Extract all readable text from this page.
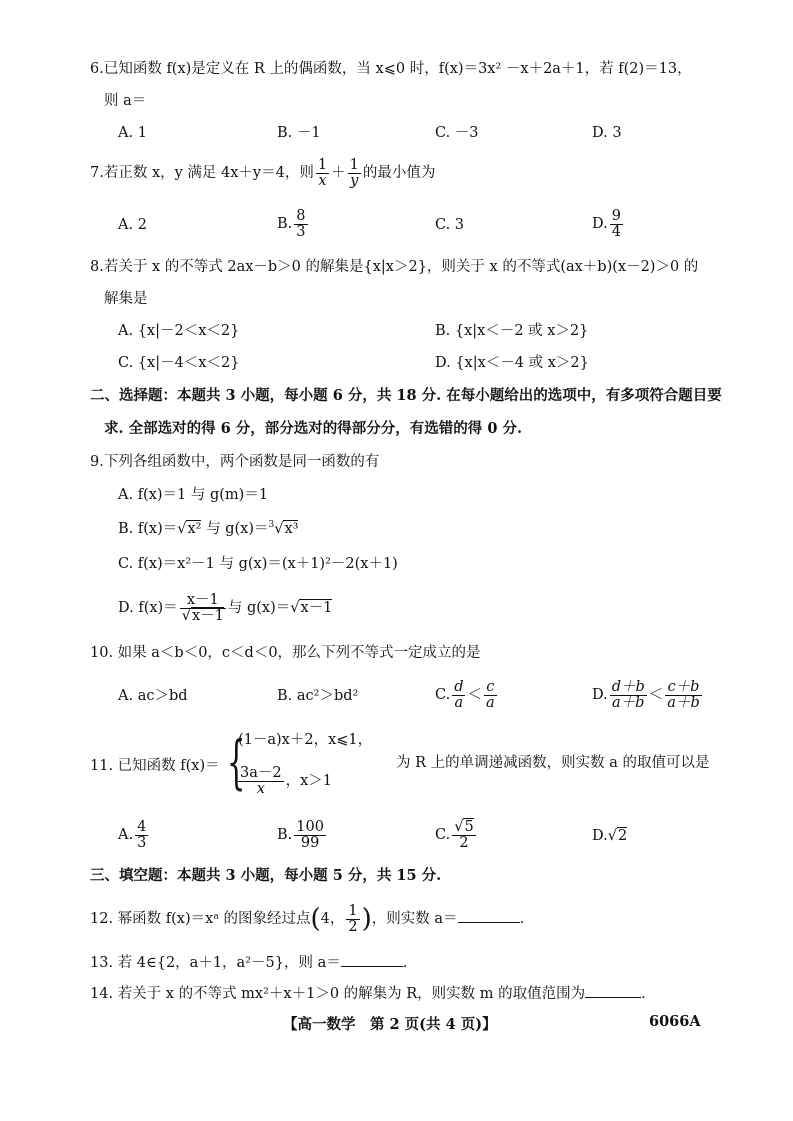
6.已知函数 f(x)是定义在 R 上的偶函数，当 x⩽0 时，f(x)＝3x² －x＋2a＋1，若 f(2)＝13，
则 a＝
A. 1	B. －1	C. －3	D. 3
7.若正数 x，y 满足 4x＋y＝4，则 $\frac{1}{x} + \frac{1}{y}$ 的最小值为
A. 2	B. $\frac{8}{3}$	C. 3	D. $\frac{9}{4}$
8.若关于 x 的不等式 2ax－b＞0 的解集是{x|x＞2}，则关于 x 的不等式(ax＋b)(x－2)＞0 的
解集是
A. {x|－2＜x＜2}	B. {x|x＜－2 或 x＞2}
C. {x|－4＜x＜2}	D. {x|x＜－4 或 x＞2}
二、选择题：本题共 3 小题，每小题 6 分，共 18 分. 在每小题给出的选项中，有多项符合题目要
求. 全部选对的得 6 分，部分选对的得部分分，有选错的得 0 分.
9.下列各组函数中，两个函数是同一函数的有
A. f(x)＝1 与 g(m)＝1
B. f(x)＝√x² 与 g(x)＝$^3$√x³
C. f(x)＝x²－1 与 g(x)＝(x＋1)²－2(x＋1)
D. $f(x)= \frac{x-1}{√x-1}$ 与 g(x)＝√x－1
10. 如果 a＜b＜0，c＜d＜0，那么下列不等式一定成立的是
A. ac＞bd	B. ac²＞bd²	C. $\frac{d}{a} < \frac{c}{a}$	D. $\frac{d+b}{a+b} < \frac{c+b}{a+b}$
11. 已知函数 f(x)＝ {
(1－a)x＋2，x⩽1，
$\frac{3a-2}{x}$ ，x＞1
为 R 上的单调递减函数，则实数 a 的取值可以是
A. $\frac{4}{3}$	B. $\frac{100}{99}$	C. $\frac{√5}{2}$	D.√2
三、填空题：本题共 3 小题，每小题 5 分，共 15 分.
12. 幂函数 f(x)＝xᵃ 的图象经过点(4， $\frac{1}{2}$ )，则实数 a＝	.
13. 若 4∈{2，a＋1，a²－5}，则 a＝	.
14. 若关于 x 的不等式 mx²＋x＋1＞0 的解集为 R，则实数 m 的取值范围为	.
【高一数学　第 2 页(共 4 页)】	6066A
